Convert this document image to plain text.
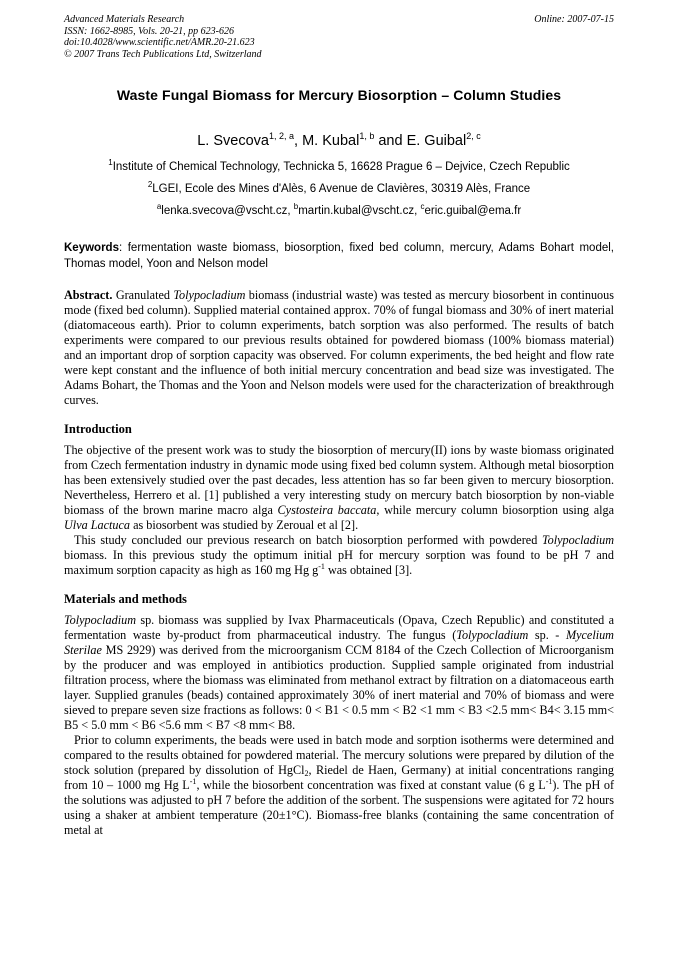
Advanced Materials Research
ISSN: 1662-8985, Vols. 20-21, pp 623-626
doi:10.4028/www.scientific.net/AMR.20-21.623
© 2007 Trans Tech Publications Ltd, Switzerland
Online: 2007-07-15
Waste Fungal Biomass for Mercury Biosorption – Column Studies
L. Svecova$^{1, 2, a}$, M. Kubal$^{1, b}$ and E. Guibal$^{2, c}$
$^1$Institute of Chemical Technology, Technicka 5, 16628 Prague 6 – Dejvice, Czech Republic
$^2$LGEI, Ecole des Mines d'Alès, 6 Avenue de Clavières, 30319 Alès, France
$^a$lenka.svecova@vscht.cz, $^b$martin.kubal@vscht.cz, $^c$eric.guibal@ema.fr
Keywords: fermentation waste biomass, biosorption, fixed bed column, mercury, Adams Bohart model, Thomas model, Yoon and Nelson model

Abstract. Granulated Tolypocladium biomass (industrial waste) was tested as mercury biosorbent in continuous mode (fixed bed column). Supplied material contained approx. 70% of fungal biomass and 30% of inert material (diatomaceous earth). Prior to column experiments, batch sorption was also performed. The results of batch experiments were compared to our previous results obtained for powdered biomass (100% biomass material) and an important drop of sorption capacity was observed. For column experiments, the bed height and flow rate were kept constant and the influence of both initial mercury concentration and bead size was investigated. The Adams Bohart, the Thomas and the Yoon and Nelson models were used for the characterization of breakthrough curves.

Introduction

The objective of the present work was to study the biosorption of mercury(II) ions by waste biomass originated from Czech fermentation industry in dynamic mode using fixed bed column system. Although metal biosorption has been extensively studied over the past decades, less attention has so far been given to mercury biosorption. Nevertheless, Herrero et al. [1] published a very interesting study on mercury batch biosorption by non-viable biomass of the brown marine macro alga Cystosteira baccata, while mercury column biosorption using alga Ulva Lactuca as biosorbent was studied by Zeroual et al [2].

This study concluded our previous research on batch biosorption performed with powdered Tolypocladium biomass. In this previous study the optimum initial pH for mercury sorption was found to be pH 7 and maximum sorption capacity as high as 160 mg Hg $g^{-1}$ was obtained [3].

Materials and methods

Tolypocladium sp. biomass was supplied by Ivax Pharmaceuticals (Opava, Czech Republic) and constituted a fermentation waste by-product from pharmaceutical industry. The fungus (Tolypocladium sp. - Mycelium Sterilae MS 2929) was derived from the microorganism CCM 8184 of the Czech Collection of Microorganism by the producer and was employed in antibiotics production. Supplied sample originated from industrial filtration process, where the biomass was eliminated from methanol extract by filtration on a diatomaceous earth layer. Supplied granules (beads) contained approximately 30% of inert material and 70% of biomass and were sieved to prepare seven size fractions as follows: 0 < B1 < 0.5 mm < B2 <1 mm < B3 <2.5 mm< B4< 3.15 mm< B5 < 5.0 mm < B6 <5.6 mm < B7 <8 mm< B8.

Prior to column experiments, the beads were used in batch mode and sorption isotherms were determined and compared to the results obtained for powdered material. The mercury solutions were prepared by dilution of the stock solution (prepared by dissolution of HgCl$_2$, Riedel de Haen, Germany) at initial concentrations ranging from 10 – 1000 mg Hg $L^{-1}$, while the biosorbent concentration was fixed at constant value (6 g $L^{-1}$). The pH of the solutions was adjusted to pH 7 before the addition of the sorbent. The suspensions were agitated for 72 hours using a shaker at ambient temperature (20±1°C). Biomass-free blanks (containing the same concentration of metal at
